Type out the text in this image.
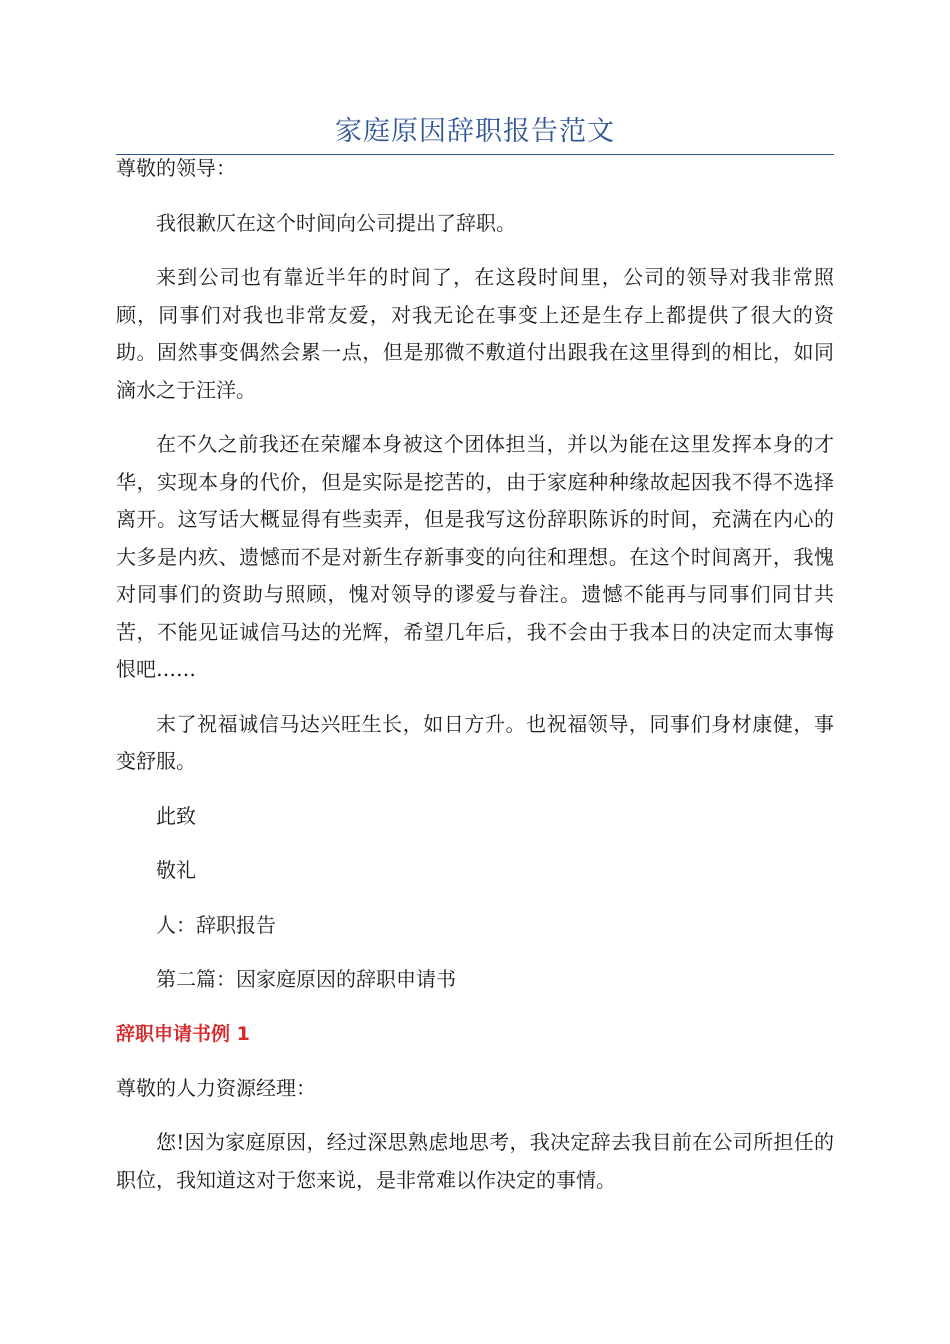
家庭原因辞职报告范文

尊敬的领导：

我很歉仄在这个时间向公司提出了辞职。

来到公司也有靠近半年的时间了，在这段时间里，公司的领导对我非常照顾，同事们对我也非常友爱，对我无论在事变上还是生存上都提供了很大的资助。固然事变偶然会累一点，但是那微不敷道付出跟我在这里得到的相比，如同滴水之于汪洋。

在不久之前我还在荣耀本身被这个团体担当，并以为能在这里发挥本身的才华，实现本身的代价，但是实际是挖苦的，由于家庭种种缘故起因我不得不选择离开。这写话大概显得有些卖弄，但是我写这份辞职陈诉的时间，充满在内心的大多是内疚、遗憾而不是对新生存新事变的向往和理想。在这个时间离开，我愧对同事们的资助与照顾，愧对领导的谬爱与眷注。遗憾不能再与同事们同甘共苦，不能见证诚信马达的光辉，希望几年后，我不会由于我本日的决定而太事悔恨吧……

末了祝福诚信马达兴旺生长，如日方升。也祝福领导，同事们身材康健，事变舒服。

此致

敬礼

人：辞职报告

第二篇：因家庭原因的辞职申请书

辞职申请书例 1

尊敬的人力资源经理：

您!因为家庭原因，经过深思熟虑地思考，我决定辞去我目前在公司所担任的职位，我知道这对于您来说，是非常难以作决定的事情。
